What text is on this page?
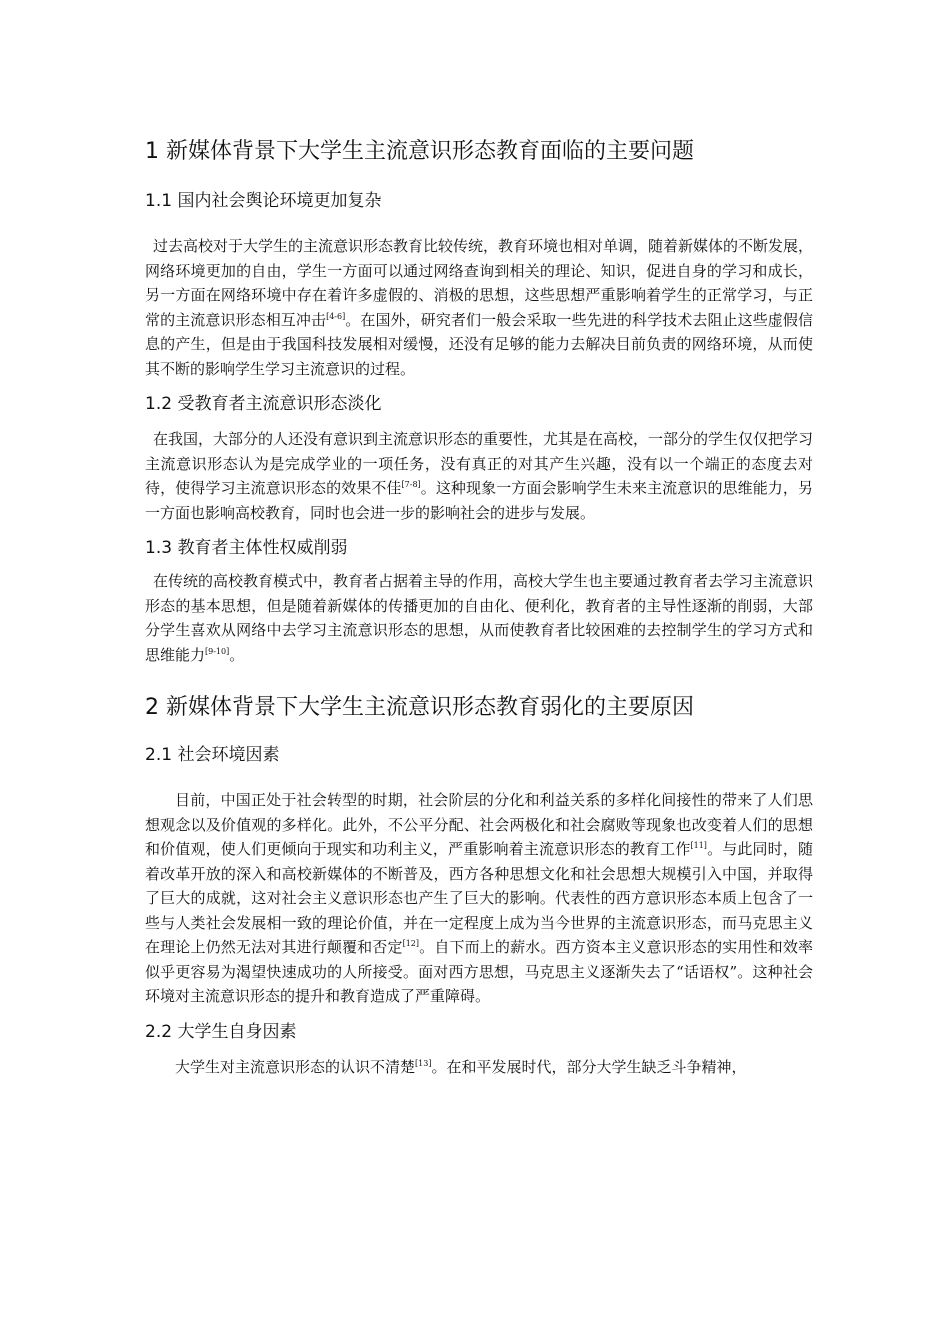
1 新媒体背景下大学生主流意识形态教育面临的主要问题
1.1 国内社会舆论环境更加复杂

过去高校对于大学生的主流意识形态教育比较传统，教育环境也相对单调，随着新媒体的不断发展，网络环境更加的自由，学生一方面可以通过网络查询到相关的理论、知识，促进自身的学习和成长，另一方面在网络环境中存在着许多虚假的、消极的思想，这些思想严重影响着学生的正常学习，与正常的主流意识形态相互冲击[4-6]。在国外，研究者们一般会采取一些先进的科学技术去阻止这些虚假信息的产生，但是由于我国科技发展相对缓慢，还没有足够的能力去解决目前负责的网络环境，从而使其不断的影响学生学习主流意识的过程。

1.2 受教育者主流意识形态淡化

在我国，大部分的人还没有意识到主流意识形态的重要性，尤其是在高校，一部分的学生仅仅把学习主流意识形态认为是完成学业的一项任务，没有真正的对其产生兴趣，没有以一个端正的态度去对待，使得学习主流意识形态的效果不佳[7-8]。这种现象一方面会影响学生未来主流意识的思维能力，另一方面也影响高校教育，同时也会进一步的影响社会的进步与发展。

1.3 教育者主体性权威削弱

在传统的高校教育模式中，教育者占据着主导的作用，高校大学生也主要通过教育者去学习主流意识形态的基本思想，但是随着新媒体的传播更加的自由化、便利化，教育者的主导性逐渐的削弱，大部分学生喜欢从网络中去学习主流意识形态的思想，从而使教育者比较困难的去控制学生的学习方式和思维能力[9-10]。

2 新媒体背景下大学生主流意识形态教育弱化的主要原因
2.1 社会环境因素

目前，中国正处于社会转型的时期，社会阶层的分化和利益关系的多样化间接性的带来了人们思想观念以及价值观的多样化。此外，不公平分配、社会两极化和社会腐败等现象也改变着人们的思想和价值观，使人们更倾向于现实和功利主义，严重影响着主流意识形态的教育工作[11]。与此同时，随着改革开放的深入和高校新媒体的不断普及，西方各种思想文化和社会思想大规模引入中国，并取得了巨大的成就，这对社会主义意识形态也产生了巨大的影响。代表性的西方意识形态本质上包含了一些与人类社会发展相一致的理论价值，并在一定程度上成为当今世界的主流意识形态，而马克思主义在理论上仍然无法对其进行颠覆和否定[12]。自下而上的薪水。西方资本主义意识形态的实用性和效率似乎更容易为渴望快速成功的人所接受。面对西方思想，马克思主义逐渐失去了“话语权”。这种社会环境对主流意识形态的提升和教育造成了严重障碍。

2.2 大学生自身因素

大学生对主流意识形态的认识不清楚[13]。在和平发展时代，部分大学生缺乏斗争精神，
